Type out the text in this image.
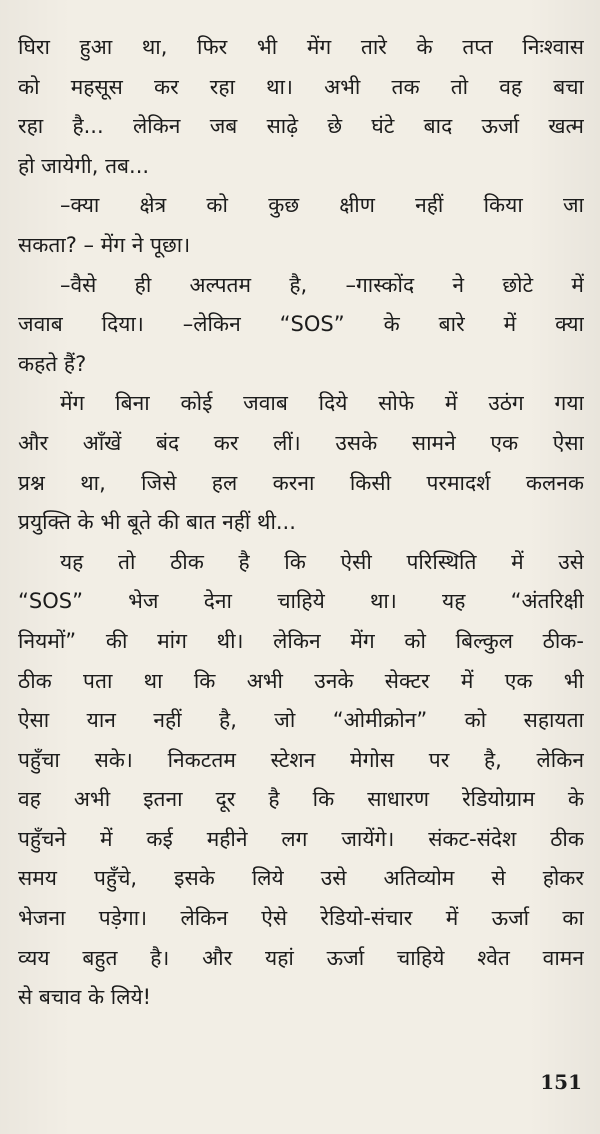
घिरा हुआ था, फिर भी मेंग तारे के तप्त निःश्वास
को महसूस कर रहा था। अभी तक तो वह बचा
रहा है... लेकिन जब साढ़े छे घंटे बाद ऊर्जा खत्म
हो जायेगी, तब...
–क्या क्षेत्र को कुछ क्षीण नहीं किया जा
सकता? – मेंग ने पूछा।
–वैसे ही अल्पतम है, –गास्कोंद ने छोटे में
जवाब दिया। –लेकिन “SOS” के बारे में क्या
कहते हैं?
मेंग बिना कोई जवाब दिये सोफे में उठंग गया
और आँखें बंद कर लीं। उसके सामने एक ऐसा
प्रश्न था, जिसे हल करना किसी परमादर्श कलनक
प्रयुक्ति के भी बूते की बात नहीं थी...
यह तो ठीक है कि ऐसी परिस्थिति में उसे
“SOS” भेज देना चाहिये था। यह “अंतरिक्षी
नियमों” की मांग थी। लेकिन मेंग को बिल्कुल ठीक-
ठीक पता था कि अभी उनके सेक्टर में एक भी
ऐसा यान नहीं है, जो “ओमीक्रोन” को सहायता
पहुँचा सके। निकटतम स्टेशन मेगोस पर है, लेकिन
वह अभी इतना दूर है कि साधारण रेडियोग्राम के
पहुँचने में कई महीने लग जायेंगे। संकट-संदेश ठीक
समय पहुँचे, इसके लिये उसे अतिव्योम से होकर
भेजना पड़ेगा। लेकिन ऐसे रेडियो-संचार में ऊर्जा का
व्यय बहुत है। और यहां ऊर्जा चाहिये श्वेत वामन
से बचाव के लिये!
151
